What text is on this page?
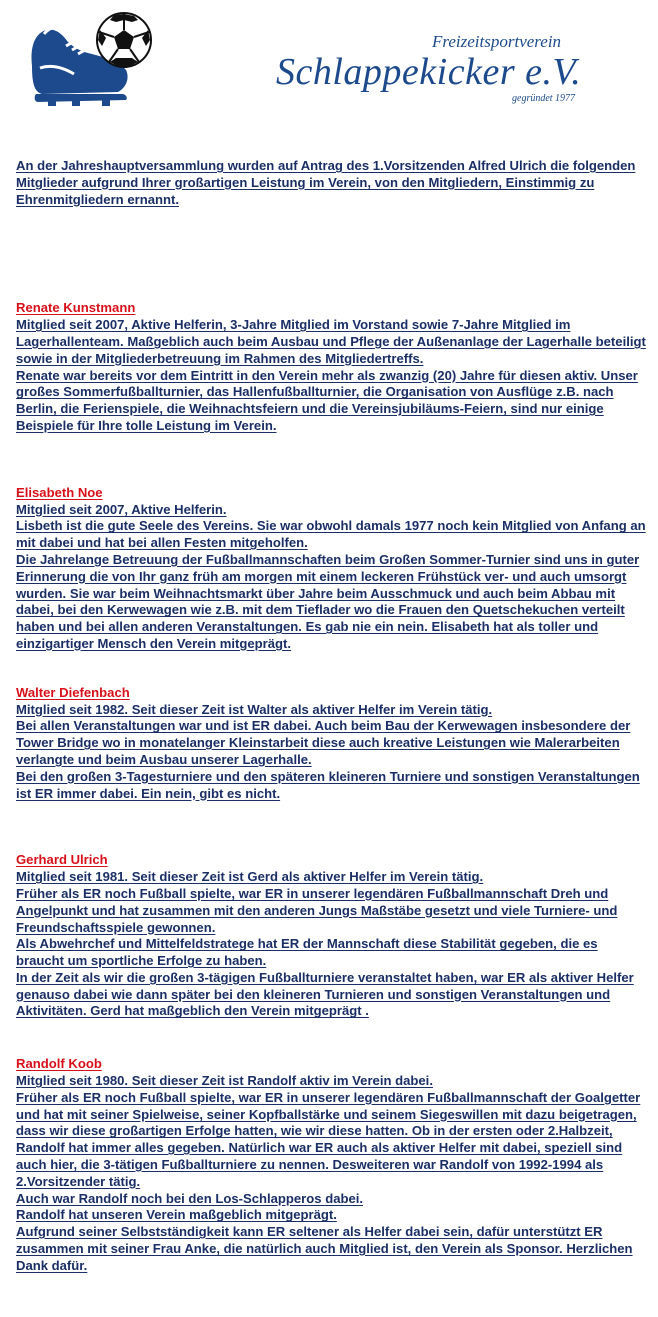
Freizeitsportverein
Schlappekicker e.V.
gegründet 1977
An der Jahreshauptversammlung wurden auf Antrag des 1.Vorsitzenden Alfred Ulrich die folgenden Mitglieder aufgrund Ihrer großartigen Leistung im Verein, von den Mitgliedern, Einstimmig zu Ehrenmitgliedern ernannt.
Renate Kunstmann

Mitglied seit 2007, Aktive Helferin, 3-Jahre Mitglied im Vorstand sowie 7-Jahre Mitglied im Lagerhallenteam. Maßgeblich auch beim Ausbau und Pflege der Außenanlage der Lagerhalle beteiligt sowie in der Mitgliederbetreuung im Rahmen des Mitgliedertreffs.

Renate war bereits vor dem Eintritt in den Verein mehr als zwanzig (20) Jahre für diesen aktiv. Unser großes Sommerfußballturnier, das Hallenfußballturnier, die Organisation von Ausflüge z.B. nach Berlin, die Ferienspiele, die Weihnachtsfeiern und die Vereinsjubiläums-Feiern, sind nur einige Beispiele für Ihre tolle Leistung im Verein.

Elisabeth Noe

Mitglied seit 2007, Aktive Helferin.

Lisbeth ist die gute Seele des Vereins. Sie war obwohl damals 1977 noch kein Mitglied von Anfang an mit dabei und hat bei allen Festen mitgeholfen.

Die Jahrelange Betreuung der Fußballmannschaften beim Großen Sommer-Turnier sind uns in guter Erinnerung die von Ihr ganz früh am morgen mit einem leckeren Frühstück ver- und auch umsorgt wurden. Sie war beim Weihnachtsmarkt über Jahre beim Ausschmuck und auch beim Abbau mit dabei, bei den Kerwewagen wie z.B. mit dem Tieflader wo die Frauen den Quetschekuchen verteilt haben und bei allen anderen Veranstaltungen. Es gab nie ein nein. Elisabeth hat als toller und einzigartiger Mensch den Verein mitgeprägt.

Walter Diefenbach

Mitglied seit 1982. Seit dieser Zeit ist Walter als aktiver Helfer im Verein tätig.

Bei allen Veranstaltungen war und ist ER dabei. Auch beim Bau der Kerwewagen insbesondere der Tower Bridge wo in monatelanger Kleinstarbeit diese auch kreative Leistungen wie Malerarbeiten verlangte und beim Ausbau unserer Lagerhalle.

Bei den großen 3-Tagesturniere und den späteren kleineren Turniere und sonstigen Veranstaltungen ist ER immer dabei. Ein nein, gibt es nicht.

Gerhard Ulrich

Mitglied seit 1981. Seit dieser Zeit ist Gerd als aktiver Helfer im Verein tätig.

Früher als ER noch Fußball spielte, war ER in unserer legendären Fußballmannschaft Dreh und Angelpunkt und hat zusammen mit den anderen Jungs Maßstäbe gesetzt und viele Turniere- und Freundschaftsspiele gewonnen.

Als Abwehrchef und Mittelfeldstratege hat ER der Mannschaft diese Stabilität gegeben, die es braucht um sportliche Erfolge zu haben.

In der Zeit als wir die großen 3-tägigen Fußballturniere veranstaltet haben, war ER als aktiver Helfer genauso dabei wie dann später bei den kleineren Turnieren und sonstigen Veranstaltungen und Aktivitäten. Gerd hat maßgeblich den Verein mitgeprägt .

Randolf Koob

Mitglied seit 1980. Seit dieser Zeit ist Randolf aktiv im Verein dabei.

Früher als ER noch Fußball spielte, war ER in unserer legendären Fußballmannschaft der Goalgetter und hat mit seiner Spielweise, seiner Kopfballstärke und seinem Siegeswillen mit dazu beigetragen, dass wir diese großartigen Erfolge hatten, wie wir diese hatten. Ob in der ersten oder 2.Halbzeit, Randolf hat immer alles gegeben. Natürlich war ER auch als aktiver Helfer mit dabei, speziell sind auch hier, die 3-tätigen Fußballturniere zu nennen. Desweiteren war Randolf von 1992-1994 als 2.Vorsitzender tätig.

Auch war Randolf noch bei den Los-Schlapperos dabei.

Randolf hat unseren Verein maßgeblich mitgeprägt.

Aufgrund seiner Selbstständigkeit kann ER seltener als Helfer dabei sein, dafür unterstützt ER zusammen mit seiner Frau Anke, die natürlich auch Mitglied ist, den Verein als Sponsor. Herzlichen Dank dafür.
